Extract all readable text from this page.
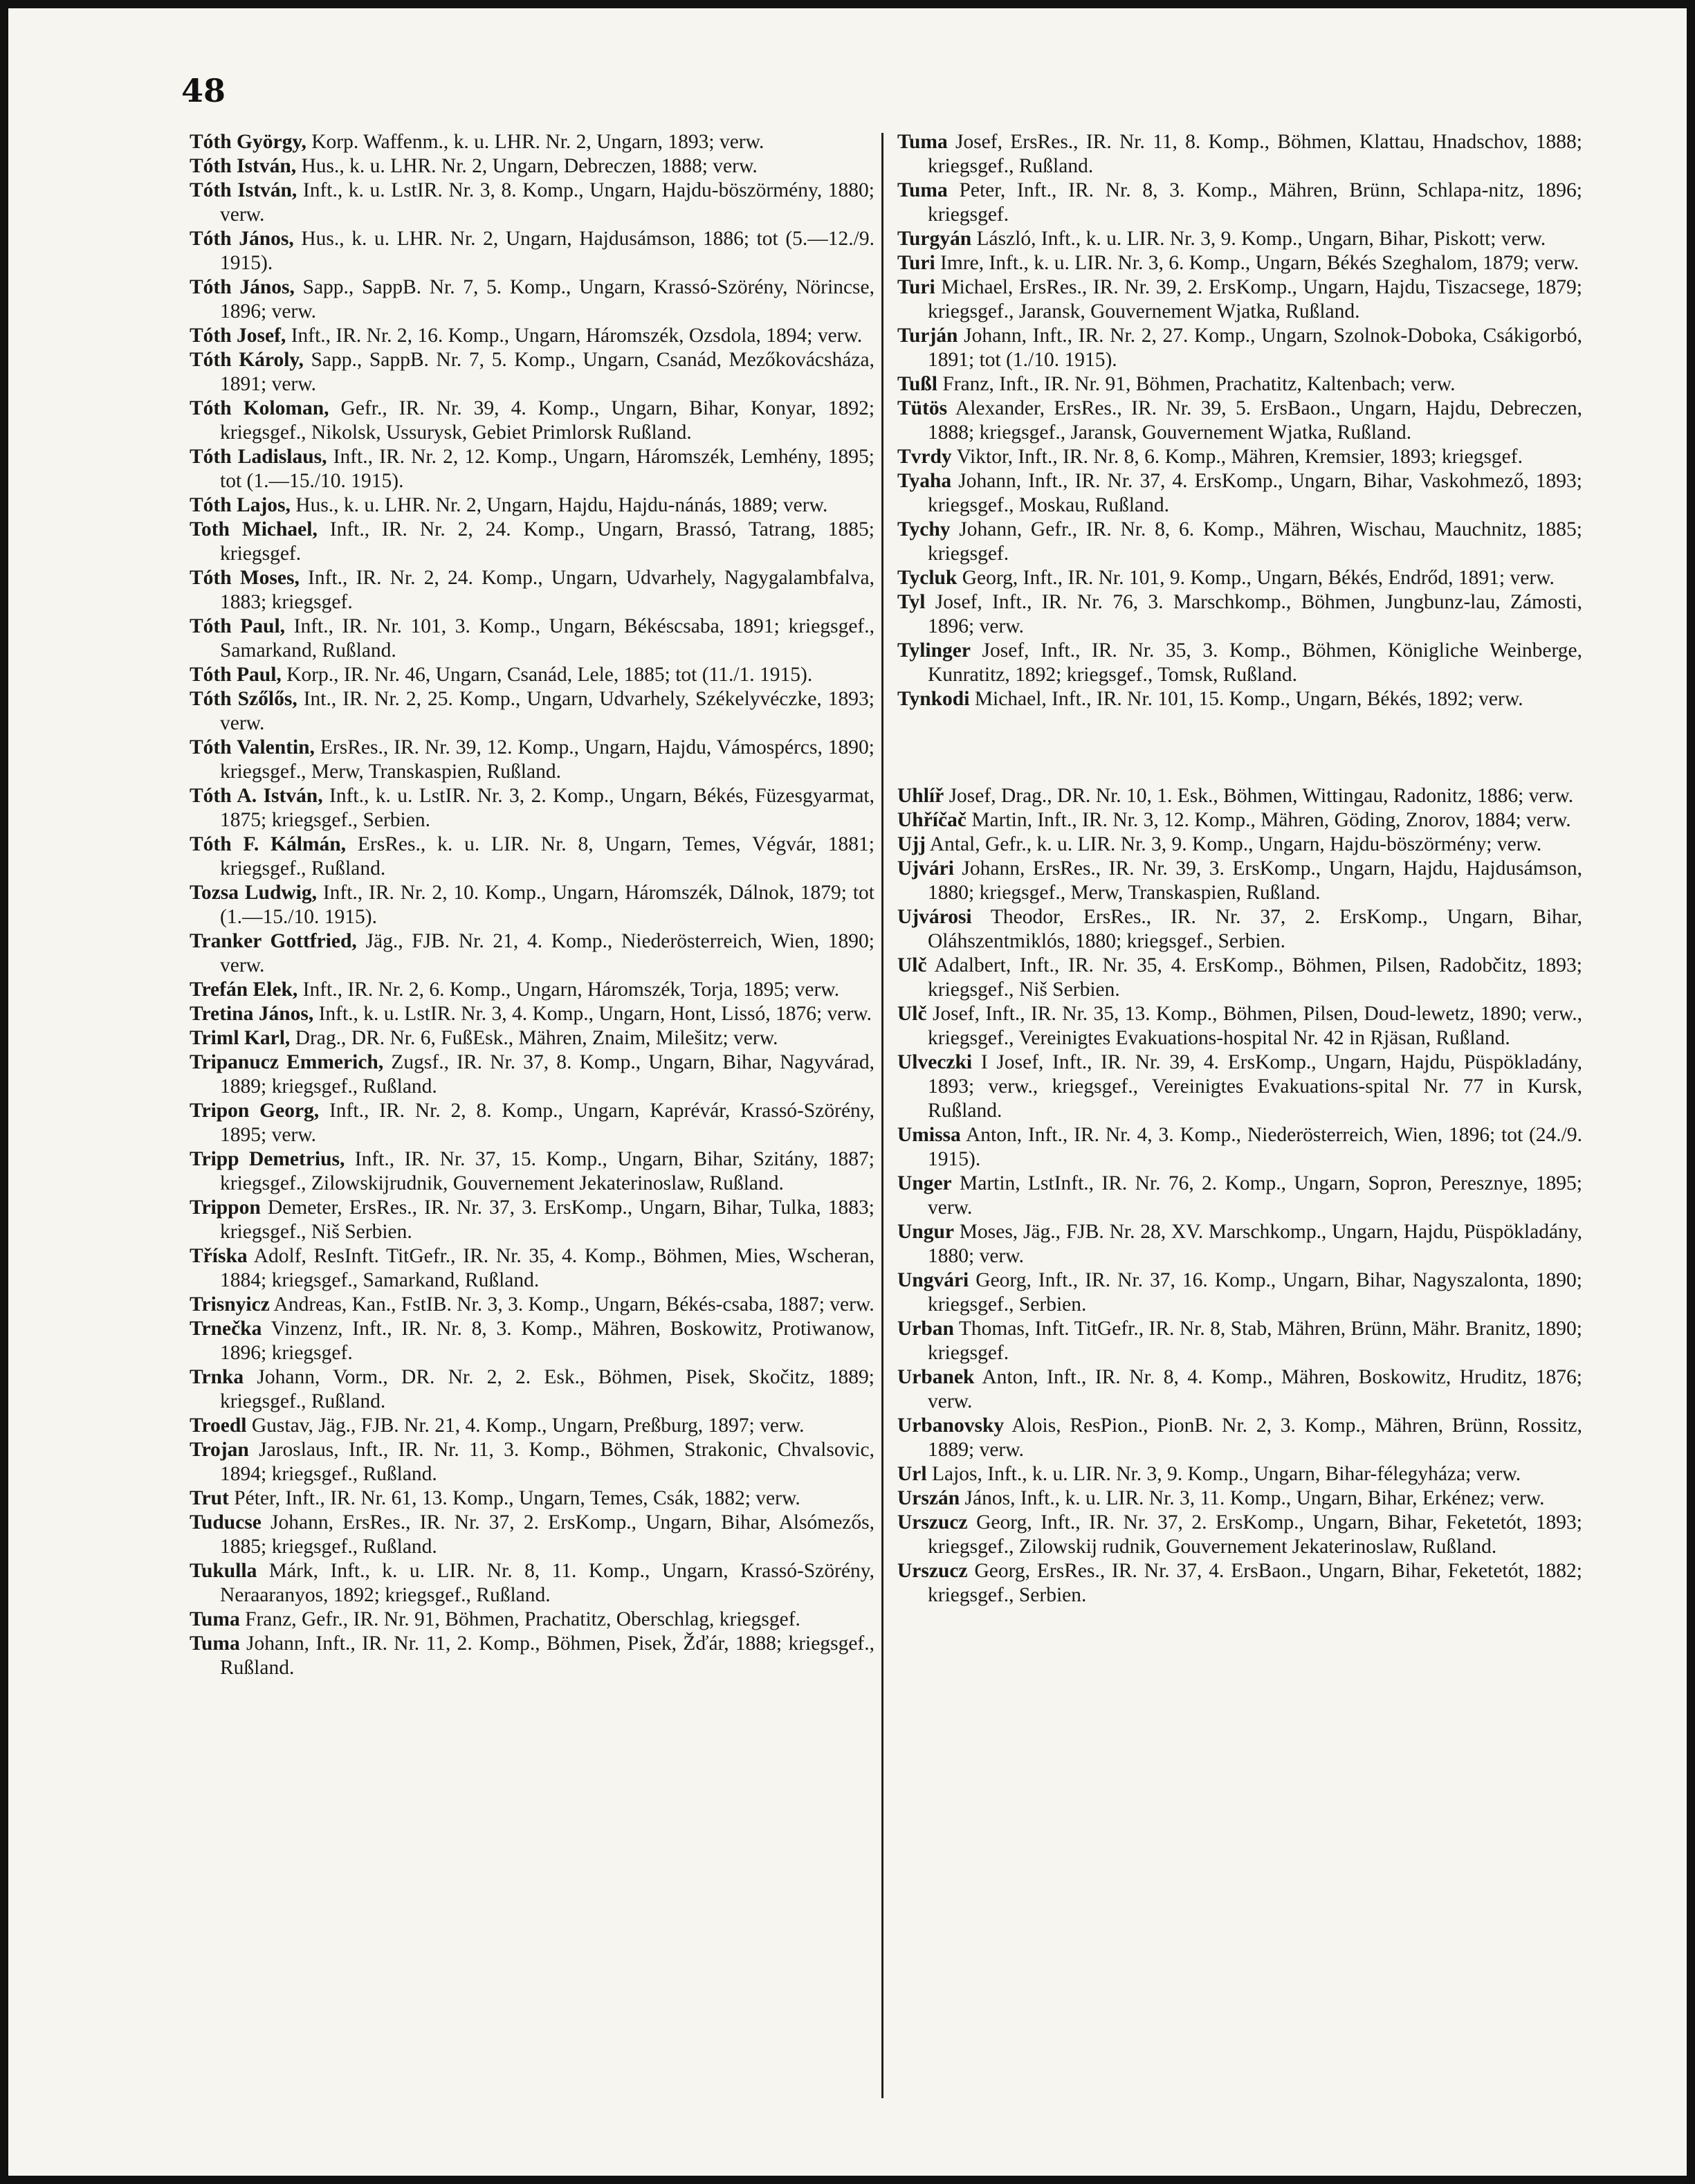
48

Tóth György, Korp. Waffenm., k. u. LHR. Nr. 2, Ungarn, 1893; verw.

Tóth István, Hus., k. u. LHR. Nr. 2, Ungarn, Debreczen, 1888; verw.

Tóth István, Inft., k. u. LstIR. Nr. 3, 8. Komp., Ungarn, Hajdu-böszörmény, 1880; verw.

Tóth János, Hus., k. u. LHR. Nr. 2, Ungarn, Hajdusámson, 1886; tot (5.—12./9. 1915).

Tóth János, Sapp., SappB. Nr. 7, 5. Komp., Ungarn, Krassó-Szörény, Nörincse, 1896; verw.

Tóth Josef, Inft., IR. Nr. 2, 16. Komp., Ungarn, Háromszék, Ozsdola, 1894; verw.

Tóth Károly, Sapp., SappB. Nr. 7, 5. Komp., Ungarn, Csanád, Mezőkovácsháza, 1891; verw.

Tóth Koloman, Gefr., IR. Nr. 39, 4. Komp., Ungarn, Bihar, Konyar, 1892; kriegsgef., Nikolsk, Ussurysk, Gebiet Primlorsk Rußland.

Tóth Ladislaus, Inft., IR. Nr. 2, 12. Komp., Ungarn, Háromszék, Lemhény, 1895; tot (1.—15./10. 1915).

Tóth Lajos, Hus., k. u. LHR. Nr. 2, Ungarn, Hajdu, Hajdu-nánás, 1889; verw.

Toth Michael, Inft., IR. Nr. 2, 24. Komp., Ungarn, Brassó, Tatrang, 1885; kriegsgef.

Tóth Moses, Inft., IR. Nr. 2, 24. Komp., Ungarn, Udvarhely, Nagygalambfalva, 1883; kriegsgef.

Tóth Paul, Inft., IR. Nr. 101, 3. Komp., Ungarn, Békéscsaba, 1891; kriegsgef., Samarkand, Rußland.

Tóth Paul, Korp., IR. Nr. 46, Ungarn, Csanád, Lele, 1885; tot (11./1. 1915).

Tóth Szőlős, Int., IR. Nr. 2, 25. Komp., Ungarn, Udvarhely, Székelyvéczke, 1893; verw.

Tóth Valentin, ErsRes., IR. Nr. 39, 12. Komp., Ungarn, Hajdu, Vámospércs, 1890; kriegsgef., Merw, Transkaspien, Rußland.

Tóth A. István, Inft., k. u. LstIR. Nr. 3, 2. Komp., Ungarn, Békés, Füzesgyarmat, 1875; kriegsgef., Serbien.

Tóth F. Kálmán, ErsRes., k. u. LIR. Nr. 8, Ungarn, Temes, Végvár, 1881; kriegsgef., Rußland.

Tozsa Ludwig, Inft., IR. Nr. 2, 10. Komp., Ungarn, Háromszék, Dálnok, 1879; tot (1.—15./10. 1915).

Tranker Gottfried, Jäg., FJB. Nr. 21, 4. Komp., Niederösterreich, Wien, 1890; verw.

Trefán Elek, Inft., IR. Nr. 2, 6. Komp., Ungarn, Háromszék, Torja, 1895; verw.

Tretina János, Inft., k. u. LstIR. Nr. 3, 4. Komp., Ungarn, Hont, Lissó, 1876; verw.

Triml Karl, Drag., DR. Nr. 6, FußEsk., Mähren, Znaim, Milešitz; verw.

Tripanucz Emmerich, Zugsf., IR. Nr. 37, 8. Komp., Ungarn, Bihar, Nagyvárad, 1889; kriegsgef., Rußland.

Tripon Georg, Inft., IR. Nr. 2, 8. Komp., Ungarn, Kaprévár, Krassó-Szörény, 1895; verw.

Tripp Demetrius, Inft., IR. Nr. 37, 15. Komp., Ungarn, Bihar, Szitány, 1887; kriegsgef., Zilowskijrudnik, Gouvernement Jekaterinoslaw, Rußland.

Trippon Demeter, ErsRes., IR. Nr. 37, 3. ErsKomp., Ungarn, Bihar, Tulka, 1883; kriegsgef., Niš Serbien.

Tříska Adolf, ResInft. TitGefr., IR. Nr. 35, 4. Komp., Böhmen, Mies, Wscheran, 1884; kriegsgef., Samarkand, Rußland.

Trisnyicz Andreas, Kan., FstIB. Nr. 3, 3. Komp., Ungarn, Békés-csaba, 1887; verw.

Trnečka Vinzenz, Inft., IR. Nr. 8, 3. Komp., Mähren, Boskowitz, Protiwanow, 1896; kriegsgef.

Trnka Johann, Vorm., DR. Nr. 2, 2. Esk., Böhmen, Pisek, Skočitz, 1889; kriegsgef., Rußland.

Troedl Gustav, Jäg., FJB. Nr. 21, 4. Komp., Ungarn, Preßburg, 1897; verw.

Trojan Jaroslaus, Inft., IR. Nr. 11, 3. Komp., Böhmen, Strakonic, Chvalsovic, 1894; kriegsgef., Rußland.

Trut Péter, Inft., IR. Nr. 61, 13. Komp., Ungarn, Temes, Csák, 1882; verw.

Tuducse Johann, ErsRes., IR. Nr. 37, 2. ErsKomp., Ungarn, Bihar, Alsómezős, 1885; kriegsgef., Rußland.

Tukulla Márk, Inft., k. u. LIR. Nr. 8, 11. Komp., Ungarn, Krassó-Szörény, Neraaranyos, 1892; kriegsgef., Rußland.

Tuma Franz, Gefr., IR. Nr. 91, Böhmen, Prachatitz, Oberschlag, kriegsgef.

Tuma Johann, Inft., IR. Nr. 11, 2. Komp., Böhmen, Pisek, Žďár, 1888; kriegsgef., Rußland.

Tuma Josef, ErsRes., IR. Nr. 11, 8. Komp., Böhmen, Klattau, Hnadschov, 1888; kriegsgef., Rußland.

Tuma Peter, Inft., IR. Nr. 8, 3. Komp., Mähren, Brünn, Schlapa-nitz, 1896; kriegsgef.

Turgyán László, Inft., k. u. LIR. Nr. 3, 9. Komp., Ungarn, Bihar, Piskott; verw.

Turi Imre, Inft., k. u. LIR. Nr. 3, 6. Komp., Ungarn, Békés Szeghalom, 1879; verw.

Turi Michael, ErsRes., IR. Nr. 39, 2. ErsKomp., Ungarn, Hajdu, Tiszacsege, 1879; kriegsgef., Jaransk, Gouvernement Wjatka, Rußland.

Turján Johann, Inft., IR. Nr. 2, 27. Komp., Ungarn, Szolnok-Doboka, Csákigorbó, 1891; tot (1./10. 1915).

Tußl Franz, Inft., IR. Nr. 91, Böhmen, Prachatitz, Kaltenbach; verw.

Tütös Alexander, ErsRes., IR. Nr. 39, 5. ErsBaon., Ungarn, Hajdu, Debreczen, 1888; kriegsgef., Jaransk, Gouvernement Wjatka, Rußland.

Tvrdy Viktor, Inft., IR. Nr. 8, 6. Komp., Mähren, Kremsier, 1893; kriegsgef.

Tyaha Johann, Inft., IR. Nr. 37, 4. ErsKomp., Ungarn, Bihar, Vaskohmező, 1893; kriegsgef., Moskau, Rußland.

Tychy Johann, Gefr., IR. Nr. 8, 6. Komp., Mähren, Wischau, Mauchnitz, 1885; kriegsgef.

Tycluk Georg, Inft., IR. Nr. 101, 9. Komp., Ungarn, Békés, Endrőd, 1891; verw.

Tyl Josef, Inft., IR. Nr. 76, 3. Marschkomp., Böhmen, Jungbunz-lau, Zámosti, 1896; verw.

Tylinger Josef, Inft., IR. Nr. 35, 3. Komp., Böhmen, Königliche Weinberge, Kunratitz, 1892; kriegsgef., Tomsk, Rußland.

Tynkodi Michael, Inft., IR. Nr. 101, 15. Komp., Ungarn, Békés, 1892; verw.

Uhlíř Josef, Drag., DR. Nr. 10, 1. Esk., Böhmen, Wittingau, Radonitz, 1886; verw.

Uhříčač Martin, Inft., IR. Nr. 3, 12. Komp., Mähren, Göding, Znorov, 1884; verw.

Ujj Antal, Gefr., k. u. LIR. Nr. 3, 9. Komp., Ungarn, Hajdu-böszörmény; verw.

Ujvári Johann, ErsRes., IR. Nr. 39, 3. ErsKomp., Ungarn, Hajdu, Hajdusámson, 1880; kriegsgef., Merw, Transkaspien, Rußland.

Ujvárosi Theodor, ErsRes., IR. Nr. 37, 2. ErsKomp., Ungarn, Bihar, Oláhszentmiklós, 1880; kriegsgef., Serbien.

Ulč Adalbert, Inft., IR. Nr. 35, 4. ErsKomp., Böhmen, Pilsen, Radobčitz, 1893; kriegsgef., Niš Serbien.

Ulč Josef, Inft., IR. Nr. 35, 13. Komp., Böhmen, Pilsen, Doud-lewetz, 1890; verw., kriegsgef., Vereinigtes Evakuations-hospital Nr. 42 in Rjäsan, Rußland.

Ulveczki I Josef, Inft., IR. Nr. 39, 4. ErsKomp., Ungarn, Hajdu, Püspökladány, 1893; verw., kriegsgef., Vereinigtes Evakuations-spital Nr. 77 in Kursk, Rußland.

Umissa Anton, Inft., IR. Nr. 4, 3. Komp., Niederösterreich, Wien, 1896; tot (24./9. 1915).

Unger Martin, LstInft., IR. Nr. 76, 2. Komp., Ungarn, Sopron, Peresznye, 1895; verw.

Ungur Moses, Jäg., FJB. Nr. 28, XV. Marschkomp., Ungarn, Hajdu, Püspökladány, 1880; verw.

Ungvári Georg, Inft., IR. Nr. 37, 16. Komp., Ungarn, Bihar, Nagyszalonta, 1890; kriegsgef., Serbien.

Urban Thomas, Inft. TitGefr., IR. Nr. 8, Stab, Mähren, Brünn, Mähr. Branitz, 1890; kriegsgef.

Urbanek Anton, Inft., IR. Nr. 8, 4. Komp., Mähren, Boskowitz, Hruditz, 1876; verw.

Urbanovsky Alois, ResPion., PionB. Nr. 2, 3. Komp., Mähren, Brünn, Rossitz, 1889; verw.

Url Lajos, Inft., k. u. LIR. Nr. 3, 9. Komp., Ungarn, Bihar-félegyháza; verw.

Urszán János, Inft., k. u. LIR. Nr. 3, 11. Komp., Ungarn, Bihar, Erkénez; verw.

Urszucz Georg, Inft., IR. Nr. 37, 2. ErsKomp., Ungarn, Bihar, Feketetót, 1893; kriegsgef., Zilowskij rudnik, Gouvernement Jekaterinoslaw, Rußland.

Urszucz Georg, ErsRes., IR. Nr. 37, 4. ErsBaon., Ungarn, Bihar, Feketetót, 1882; kriegsgef., Serbien.
